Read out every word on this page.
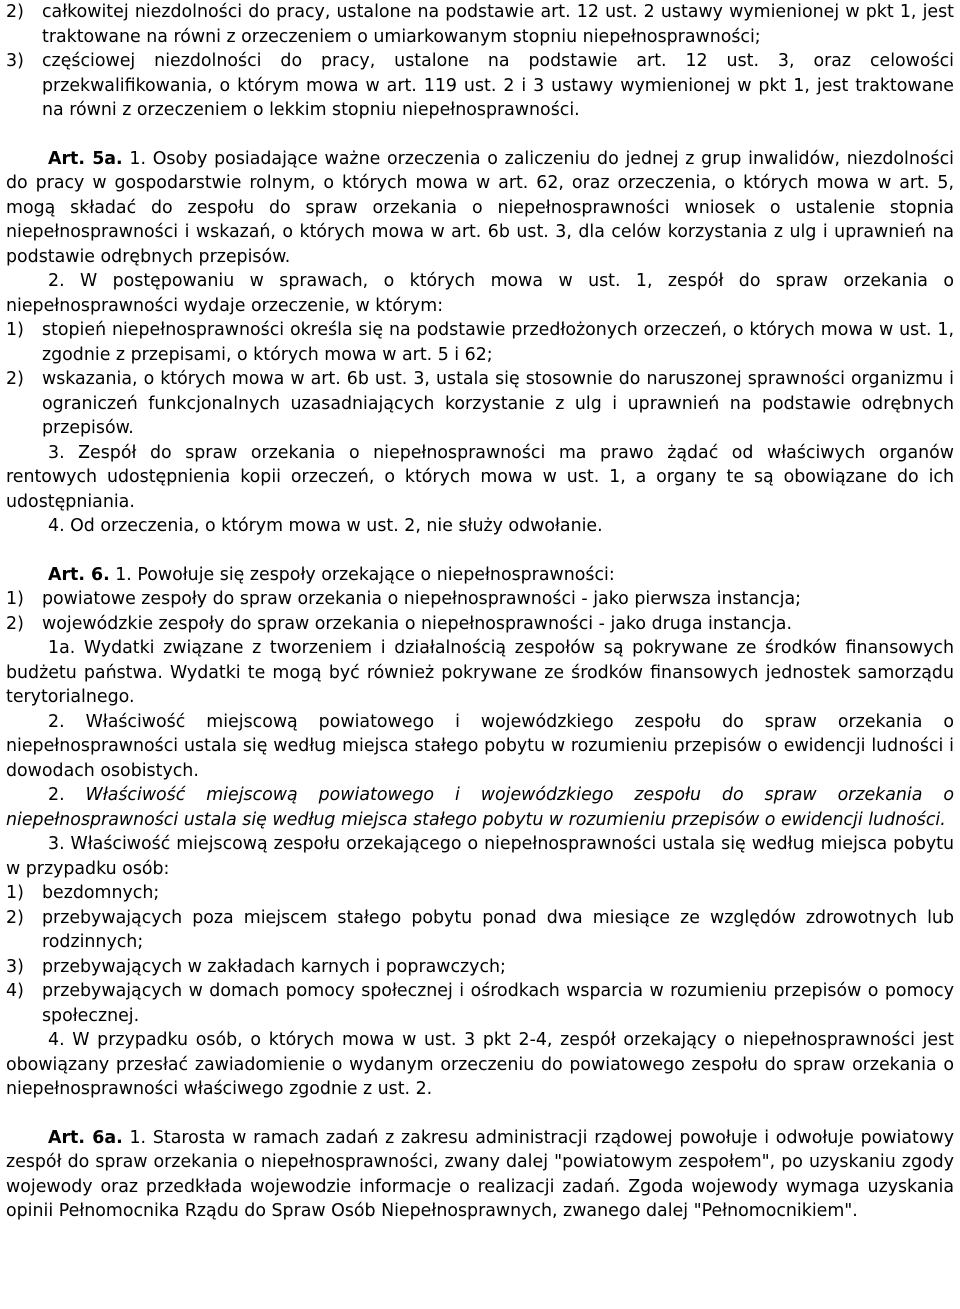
2)	całkowitej niezdolności do pracy, ustalone na podstawie art. 12 ust. 2 ustawy wymienionej w pkt 1, jest traktowane na równi z orzeczeniem o umiarkowanym stopniu niepełnosprawności;
3)	częściowej niezdolności do pracy, ustalone na podstawie art. 12 ust. 3, oraz celowości przekwalifikowania, o którym mowa w art. 119 ust. 2 i 3 ustawy wymienionej w pkt 1, jest traktowane na równi z orzeczeniem o lekkim stopniu niepełnosprawności.

Art. 5a. 1. Osoby posiadające ważne orzeczenia o zaliczeniu do jednej z grup inwalidów, niezdolności do pracy w gospodarstwie rolnym, o których mowa w art. 62, oraz orzeczenia, o których mowa w art. 5, mogą składać do zespołu do spraw orzekania o niepełnosprawności wniosek o ustalenie stopnia niepełnosprawności i wskazań, o których mowa w art. 6b ust. 3, dla celów korzystania z ulg i uprawnień na podstawie odrębnych przepisów.

2. W postępowaniu w sprawach, o których mowa w ust. 1, zespół do spraw orzekania o niepełnosprawności wydaje orzeczenie, w którym:

1)	stopień niepełnosprawności określa się na podstawie przedłożonych orzeczeń, o których mowa w ust. 1, zgodnie z przepisami, o których mowa w art. 5 i 62;
2)	wskazania, o których mowa w art. 6b ust. 3, ustala się stosownie do naruszonej sprawności organizmu i ograniczeń funkcjonalnych uzasadniających korzystanie z ulg i uprawnień na podstawie odrębnych przepisów.

3. Zespół do spraw orzekania o niepełnosprawności ma prawo żądać od właściwych organów rentowych udostępnienia kopii orzeczeń, o których mowa w ust. 1, a organy te są obowiązane do ich udostępniania.

4. Od orzeczenia, o którym mowa w ust. 2, nie służy odwołanie.

Art. 6. 1. Powołuje się zespoły orzekające o niepełnosprawności:

1)	powiatowe zespoły do spraw orzekania o niepełnosprawności - jako pierwsza instancja;
2)	wojewódzkie zespoły do spraw orzekania o niepełnosprawności - jako druga instancja.

1a. Wydatki związane z tworzeniem i działalnością zespołów są pokrywane ze środków finansowych budżetu państwa. Wydatki te mogą być również pokrywane ze środków finansowych jednostek samorządu terytorialnego.

2. Właściwość miejscową powiatowego i wojewódzkiego zespołu do spraw orzekania o niepełnosprawności ustala się według miejsca stałego pobytu w rozumieniu przepisów o ewidencji ludności i dowodach osobistych.

2. Właściwość miejscową powiatowego i wojewódzkiego zespołu do spraw orzekania o niepełnosprawności ustala się według miejsca stałego pobytu w rozumieniu przepisów o ewidencji ludności.

3. Właściwość miejscową zespołu orzekającego o niepełnosprawności ustala się według miejsca pobytu w przypadku osób:

1)	bezdomnych;
2)	przebywających poza miejscem stałego pobytu ponad dwa miesiące ze względów zdrowotnych lub rodzinnych;
3)	przebywających w zakładach karnych i poprawczych;
4)	przebywających w domach pomocy społecznej i ośrodkach wsparcia w rozumieniu przepisów o pomocy społecznej.

4. W przypadku osób, o których mowa w ust. 3 pkt 2-4, zespół orzekający o niepełnosprawności jest obowiązany przesłać zawiadomienie o wydanym orzeczeniu do powiatowego zespołu do spraw orzekania o niepełnosprawności właściwego zgodnie z ust. 2.

Art. 6a. 1. Starosta w ramach zadań z zakresu administracji rządowej powołuje i odwołuje powiatowy zespół do spraw orzekania o niepełnosprawności, zwany dalej "powiatowym zespołem", po uzyskaniu zgody wojewody oraz przedkłada wojewodzie informacje o realizacji zadań. Zgoda wojewody wymaga uzyskania opinii Pełnomocnika Rządu do Spraw Osób Niepełnosprawnych, zwanego dalej "Pełnomocnikiem".
